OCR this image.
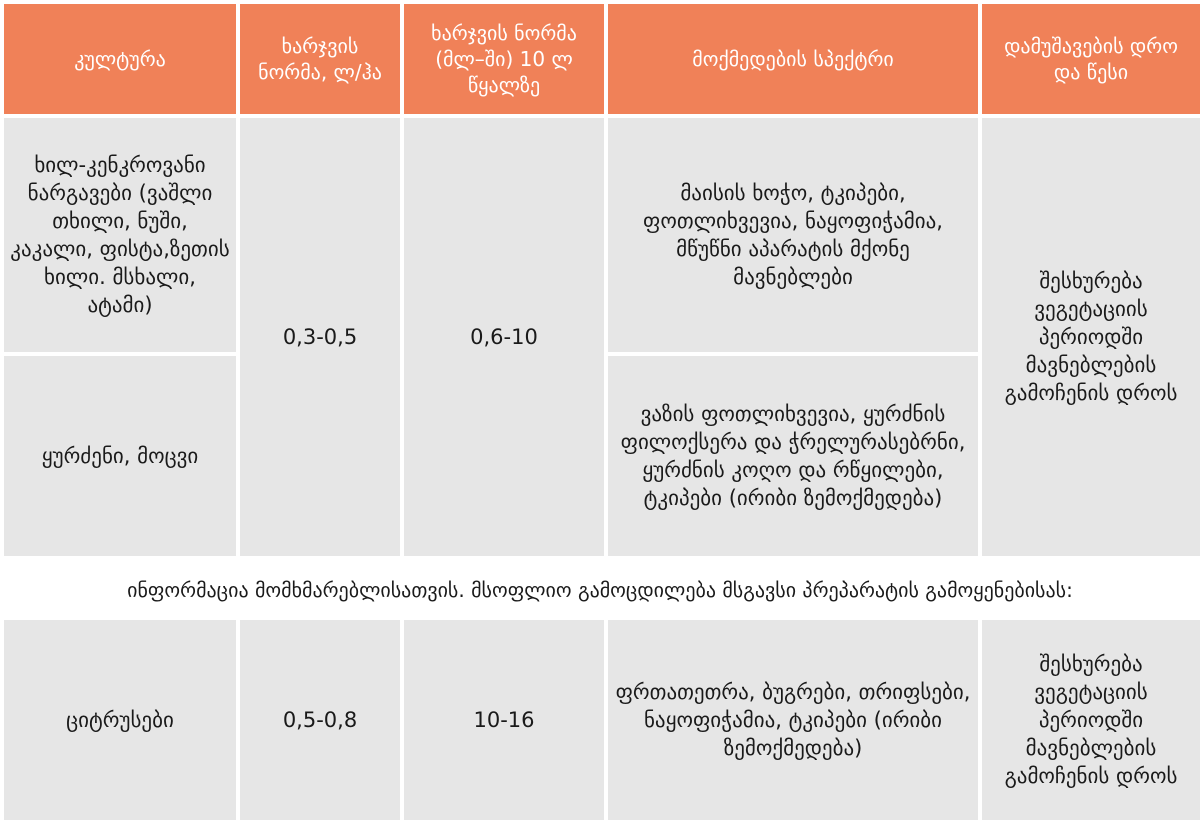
კულტურა	ხარჯვის ნორმა, ლ/ჰა	ხარჯვის ნორმა (მლ–ში) 10 ლ წყალზე	მოქმედების სპექტრი	დამუშავების დრო და წესი
ხილ-კენკროვანი ნარგავები (ვაშლი თხილი, ნუში, კაკალი, ფისტა,ზეთის ხილი. მსხალი, ატამი)	0,3-0,5	0,6-10	მაისის ხოჭო, ტკიპები, ფოთლიხვევია, ნაყოფიჭამია, მწუწნი აპარატის მქონე მავნებლები	შესხურება ვეგეტაციის პერიოდში მავნებლების გამოჩენის დროს
ყურძენი, მოცვი			ვაზის ფოთლიხვევია, ყურძნის ფილოქსერა და ჭრელურასებრნი, ყურძნის კოღო და რწყილები, ტკიპები (ირიბი ზემოქმედება)	
ინფორმაცია მომხმარებლისათვის. მსოფლიო გამოცდილება მსგავსი პრეპარატის გამოყენებისას:
ციტრუსები	0,5-0,8	10-16	ფრთათეთრა, ბუგრები, თრიფსები, ნაყოფიჭამია, ტკიპები (ირიბი ზემოქმედება)	შესხურება ვეგეტაციის პერიოდში მავნებლების გამოჩენის დროს
